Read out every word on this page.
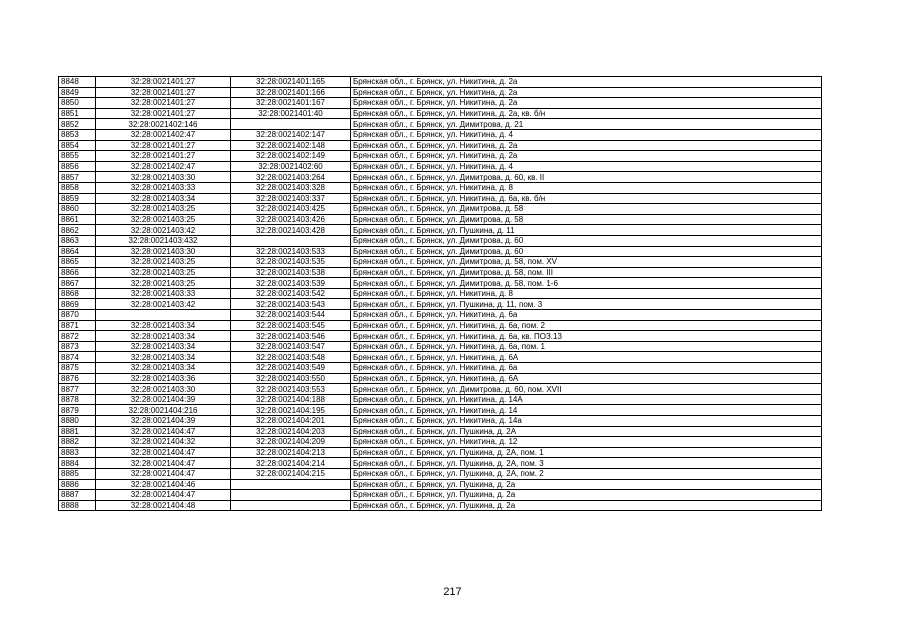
8848	32:28:0021401:27	32:28:0021401:165	Брянская обл., г. Брянск, ул. Никитина, д. 2а
8849	32:28:0021401:27	32:28:0021401:166	Брянская обл., г. Брянск, ул. Никитина, д. 2а
8850	32:28:0021401:27	32:28:0021401:167	Брянская обл., г. Брянск, ул. Никитина, д. 2а
8851	32:28:0021401:27	32:28:0021401:40	Брянская обл., г. Брянск, ул. Никитина, д. 2а, кв. б/н
8852	32:28:0021402:146		Брянская обл., г. Брянск, ул. Димитрова, д. 21
8853	32:28:0021402:47	32:28:0021402:147	Брянская обл., г. Брянск, ул. Никитина, д. 4
8854	32:28:0021401:27	32:28:0021402:148	Брянская обл., г. Брянск, ул. Никитина, д. 2а
8855	32:28:0021401:27	32:28:0021402:149	Брянская обл., г. Брянск, ул. Никитина, д. 2а
8856	32:28:0021402:47	32:28:0021402:60	Брянская обл., г. Брянск, ул. Никитина, д. 4
8857	32:28:0021403:30	32:28:0021403:264	Брянская обл., г. Брянск, ул. Димитрова, д. 60, кв. II
8858	32:28:0021403:33	32:28:0021403:328	Брянская обл., г. Брянск, ул. Никитина, д. 8
8859	32:28:0021403:34	32:28:0021403:337	Брянская обл., г. Брянск, ул. Никитина, д. 6а, кв. б/н
8860	32:28:0021403:25	32:28:0021403:425	Брянская обл., г. Брянск, ул. Димитрова, д. 58
8861	32:28:0021403:25	32:28:0021403:426	Брянская обл., г. Брянск, ул. Димитрова, д. 58
8862	32:28:0021403:42	32:28:0021403:428	Брянская обл., г. Брянск, ул. Пушкина, д. 11
8863	32:28:0021403:432		Брянская обл., г. Брянск, ул. Димитрова, д. 60
8864	32:28:0021403:30	32:28:0021403:533	Брянская обл., г. Брянск, ул. Димитрова, д. 60
8865	32:28:0021403:25	32:28:0021403:535	Брянская обл., г. Брянск, ул. Димитрова, д. 58, пом. XV
8866	32:28:0021403:25	32:28:0021403:538	Брянская обл., г. Брянск, ул. Димитрова, д. 58, пом. III
8867	32:28:0021403:25	32:28:0021403:539	Брянская обл., г. Брянск, ул. Димитрова, д. 58, пом. 1-6
8868	32:28:0021403:33	32:28:0021403:542	Брянская обл., г. Брянск, ул. Никитина, д. 8
8869	32:28:0021403:42	32:28:0021403:543	Брянская обл., г. Брянск, ул. Пушкина, д. 11, пом. 3
8870		32:28:0021403:544	Брянская обл., г. Брянск, ул. Никитина, д. 6а
8871	32:28:0021403:34	32:28:0021403:545	Брянская обл., г. Брянск, ул. Никитина, д. 6а, пом. 2
8872	32:28:0021403:34	32:28:0021403:546	Брянская обл., г. Брянск, ул. Никитина, д. 6а, кв. ПОЗ.13
8873	32:28:0021403:34	32:28:0021403:547	Брянская обл., г. Брянск, ул. Никитина, д. 6а, пом. 1
8874	32:28:0021403:34	32:28:0021403:548	Брянская обл., г. Брянск, ул. Никитина, д. 6А
8875	32:28:0021403:34	32:28:0021403:549	Брянская обл., г. Брянск, ул. Никитина, д. 6а
8876	32:28:0021403:36	32:28:0021403:550	Брянская обл., г. Брянск, ул. Никитина, д. 6А
8877	32:28:0021403:30	32:28:0021403:553	Брянская обл., г. Брянск, ул. Димитрова, д. 60, пом. XVII
8878	32:28:0021404:39	32:28:0021404:188	Брянская обл., г. Брянск, ул. Никитина, д. 14А
8879	32:28:0021404:216	32:28:0021404:195	Брянская обл., г. Брянск, ул. Никитина, д. 14
8880	32:28:0021404:39	32:28:0021404:201	Брянская обл., г. Брянск, ул. Никитина, д. 14а
8881	32:28:0021404:47	32:28:0021404:203	Брянская обл., г. Брянск, ул. Пушкина, д. 2А
8882	32:28:0021404:32	32:28:0021404:209	Брянская обл., г. Брянск, ул. Никитина, д. 12
8883	32:28:0021404:47	32:28:0021404:213	Брянская обл., г. Брянск, ул. Пушкина, д. 2А, пом. 1
8884	32:28:0021404:47	32:28:0021404:214	Брянская обл., г. Брянск, ул. Пушкина, д. 2А, пом. 3
8885	32:28:0021404:47	32:28:0021404:215	Брянская обл., г. Брянск, ул. Пушкина, д. 2А, пом. 2
8886	32:28:0021404:46		Брянская обл., г. Брянск, ул. Пушкина, д. 2а
8887	32:28:0021404:47		Брянская обл., г. Брянск, ул. Пушкина, д. 2а
8888	32:28:0021404:48		Брянская обл., г. Брянск, ул. Пушкина, д. 2а
217
